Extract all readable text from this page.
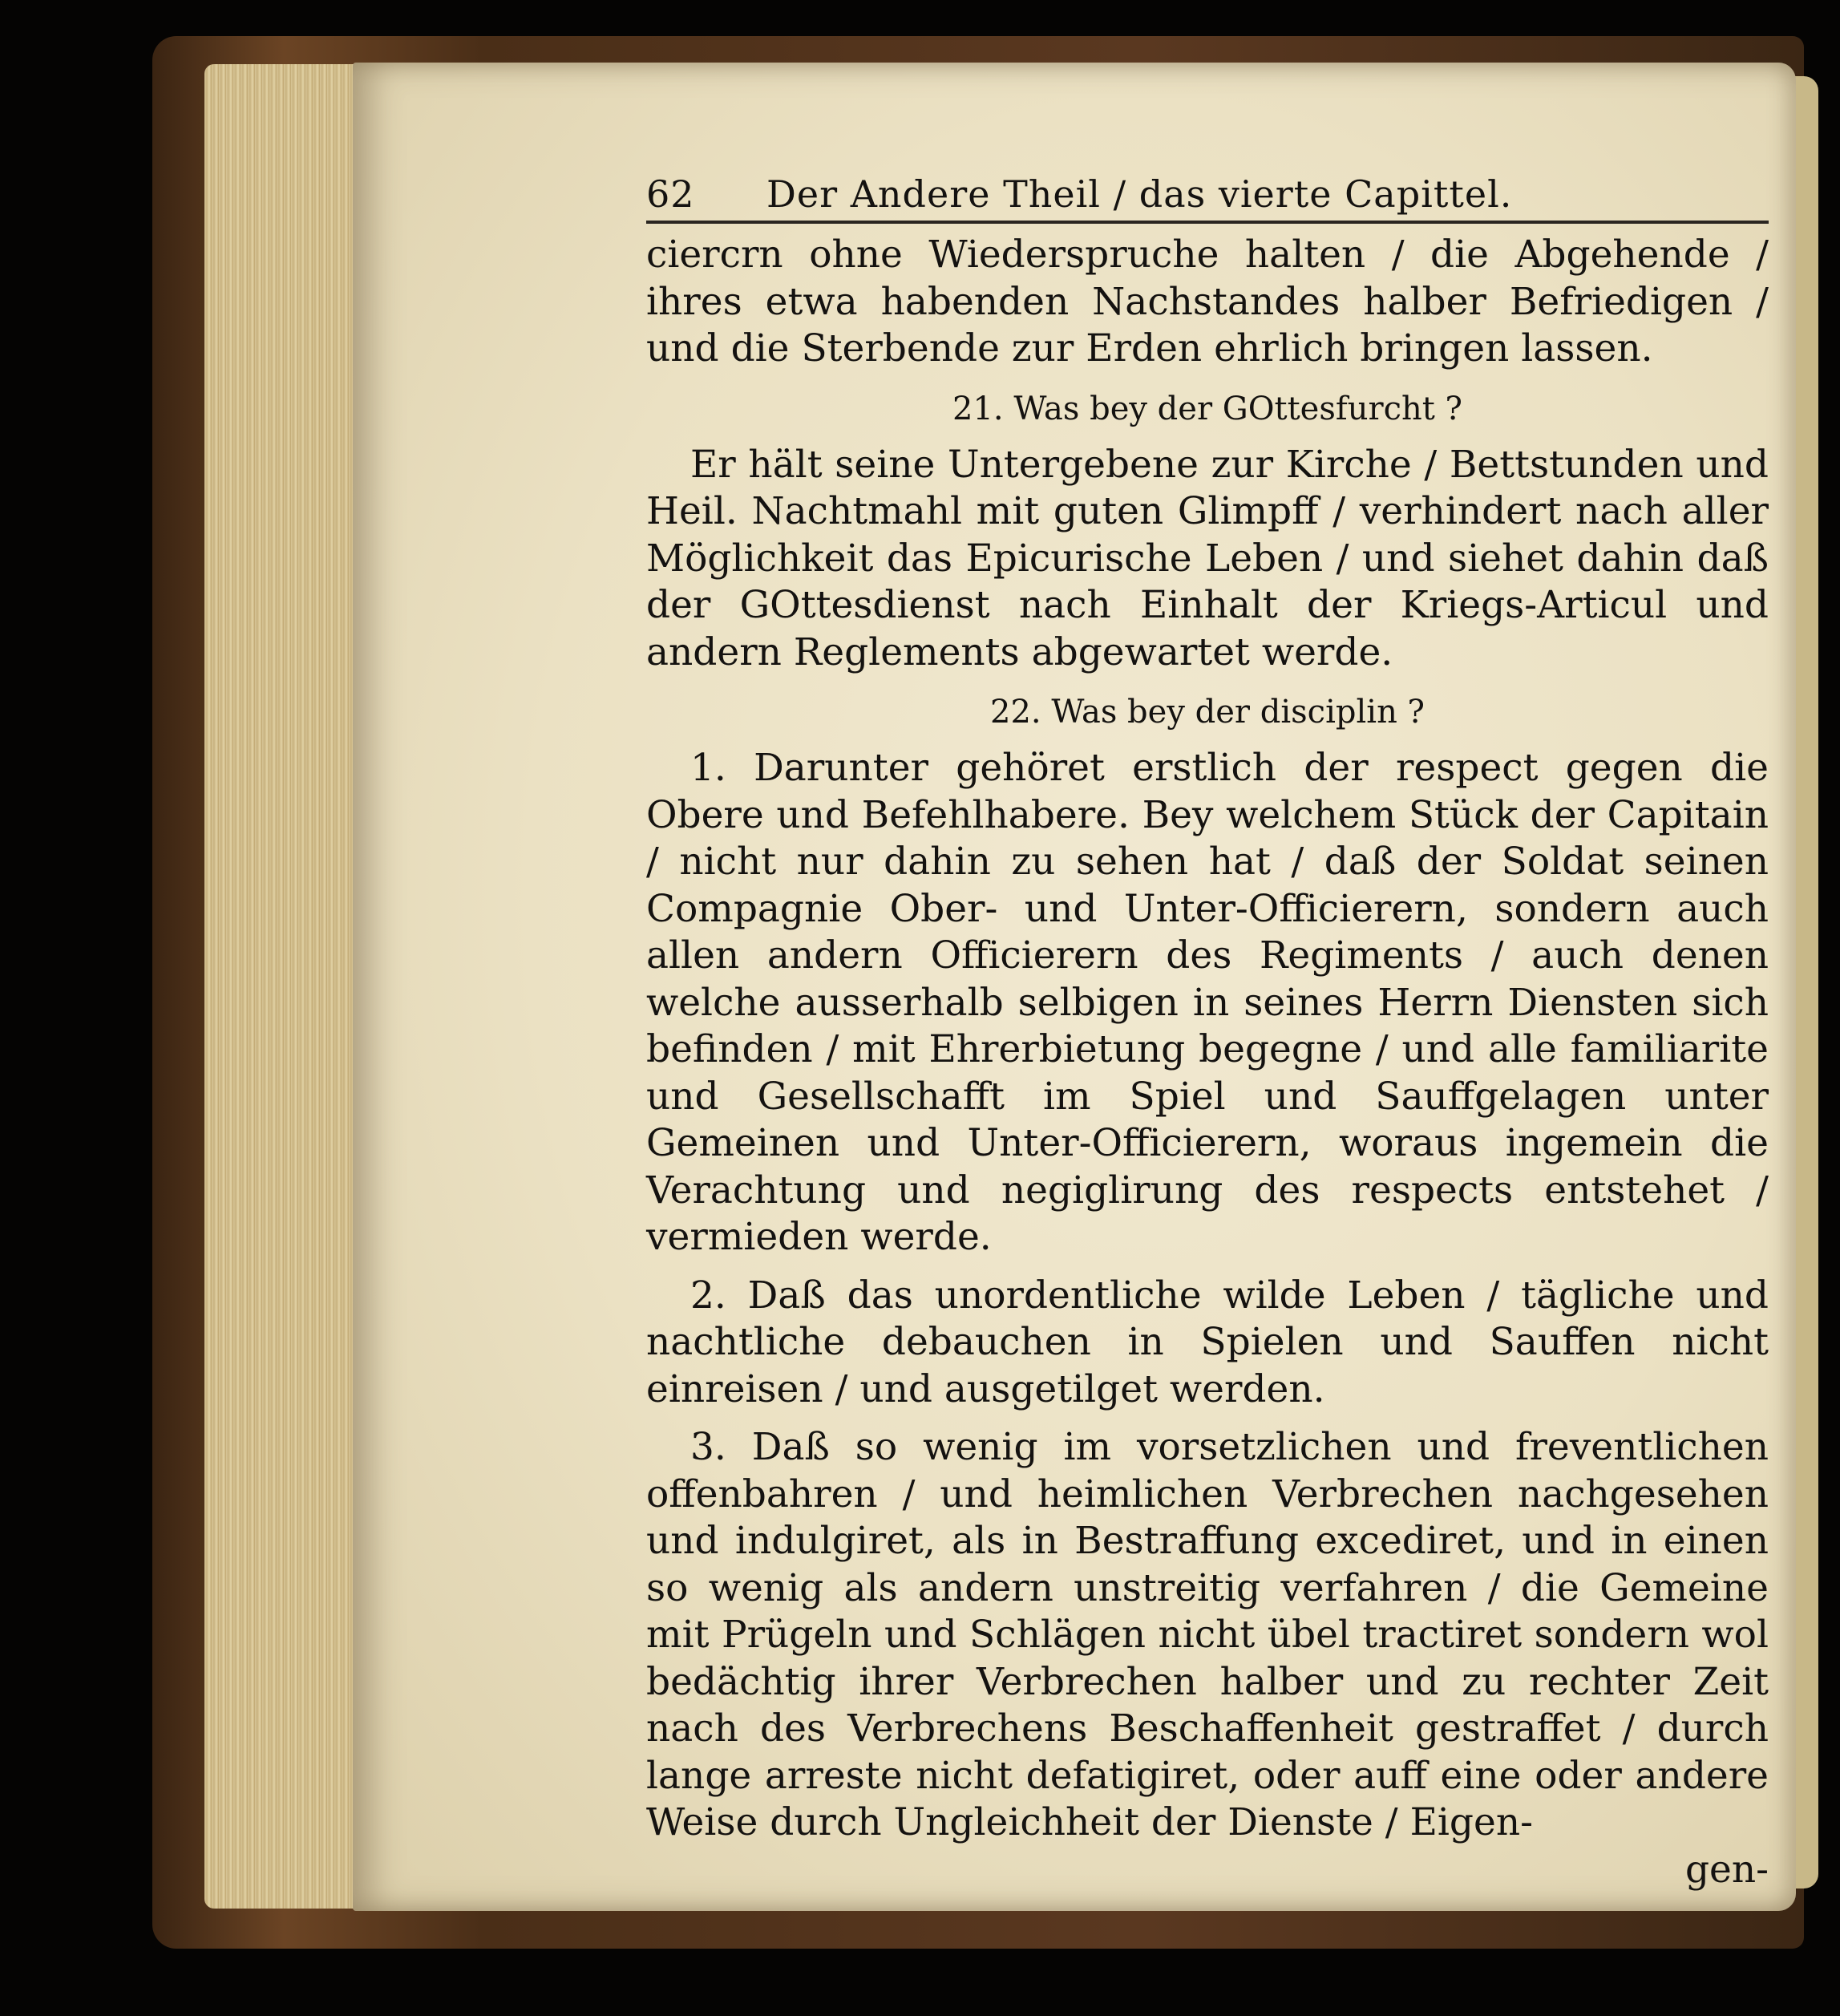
62	Der Andere Theil / das vierte Capittel.

ciercrn ohne Wiederspruche halten / die Abgehende / ihres etwa habenden Nachstandes halber Befriedigen / und die Sterbende zur Erden ehrlich bringen lassen.

21. Was bey der GOttesfurcht ?

Er hält seine Untergebene zur Kirche / Bettstunden und Heil. Nachtmahl mit guten Glimpff / verhindert nach aller Möglichkeit das Epicurische Leben / und siehet dahin daß der GOttesdienst nach Einhalt der Kriegs-Articul und andern Reglements abgewartet werde.

22. Was bey der disciplin ?

1. Darunter gehöret erstlich der respect gegen die Obere und Befehlhabere. Bey welchem Stück der Capitain / nicht nur dahin zu sehen hat / daß der Soldat seinen Compagnie Ober- und Unter-Officierern, sondern auch allen andern Officierern des Regiments / auch denen welche ausserhalb selbigen in seines Herrn Diensten sich befinden / mit Ehrerbietung begegne / und alle familiarite und Gesellschafft im Spiel und Sauffgelagen unter Gemeinen und Unter-Officierern, woraus ingemein die Verachtung und negiglirung des respects entstehet / vermieden werde.

2. Daß das unordentliche wilde Leben / tägliche und nachtliche debauchen in Spielen und Sauffen nicht einreisen / und ausgetilget werden.

3. Daß so wenig im vorsetzlichen und freventlichen offenbahren / und heimlichen Verbrechen nachgesehen und indulgiret, als in Bestraffung excediret, und in einen so wenig als andern unstreitig verfahren / die Gemeine mit Prügeln und Schlägen nicht übel tractiret sondern wol bedächtig ihrer Verbrechen halber und zu rechter Zeit nach des Verbrechens Beschaffenheit gestraffet / durch lange arreste nicht defatigiret, oder auff eine oder andere Weise durch Ungleichheit der Dienste / Eigen-

gen-
